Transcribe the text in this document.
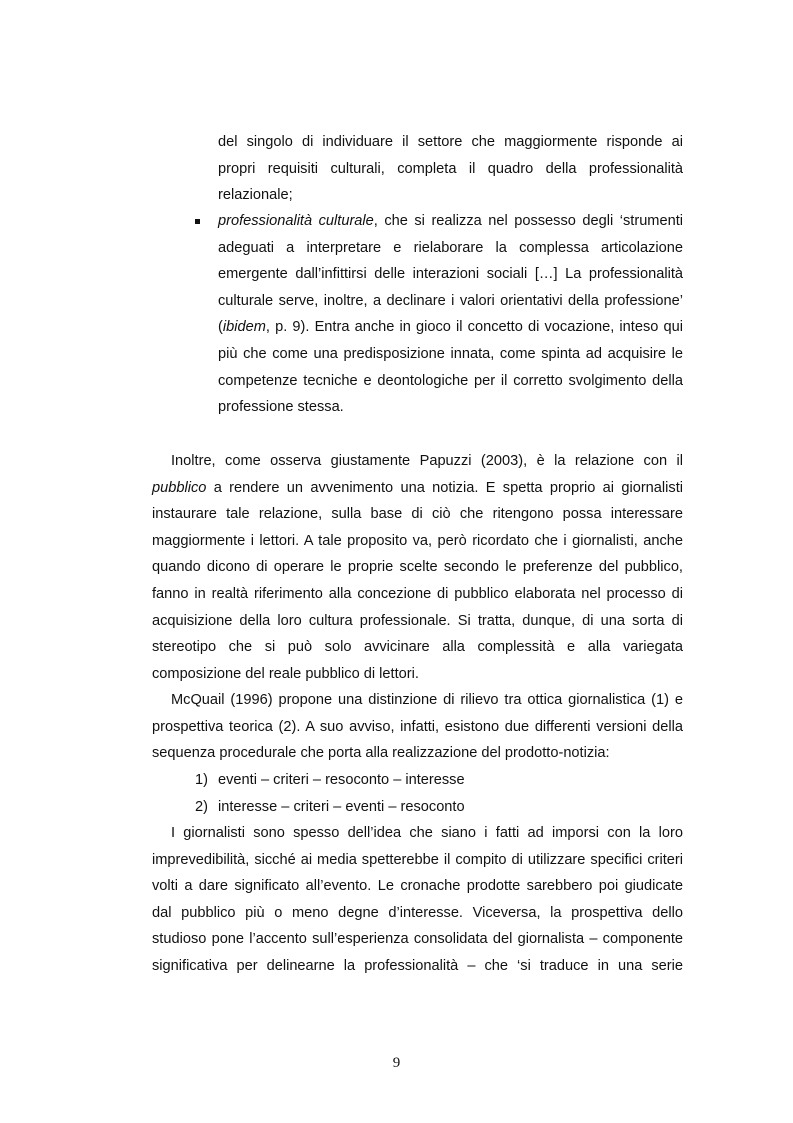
del singolo di individuare il settore che maggiormente risponde ai
propri requisiti culturali, completa il quadro della professionalità
relazionale;
professionalità culturale, che si realizza nel possesso degli ‘strumenti
adeguati a interpretare e rielaborare la complessa articolazione
emergente dall’infittirsi delle interazioni sociali […] La professionalità
culturale serve, inoltre, a declinare i valori orientativi della professione’
(ibidem, p. 9). Entra anche in gioco il concetto di vocazione, inteso qui
più che come una predisposizione innata, come spinta ad acquisire le
competenze tecniche e deontologiche per il corretto svolgimento della
professione stessa.
Inoltre, come osserva giustamente Papuzzi (2003), è la relazione con il
pubblico a rendere un avvenimento una notizia. E spetta proprio ai giornalisti
instaurare tale relazione, sulla base di ciò che ritengono possa interessare
maggiormente i lettori. A tale proposito va, però ricordato che i giornalisti, anche
quando dicono di operare le proprie scelte secondo le preferenze del pubblico,
fanno in realtà riferimento alla concezione di pubblico elaborata nel processo di
acquisizione della loro cultura professionale. Si tratta, dunque, di una sorta di
stereotipo che si può solo avvicinare alla complessità e alla variegata
composizione del reale pubblico di lettori.
McQuail (1996) propone una distinzione di rilievo tra ottica giornalistica (1) e
prospettiva teorica (2). A suo avviso, infatti, esistono due differenti versioni della
sequenza procedurale che porta alla realizzazione del prodotto-notizia:
1) eventi – criteri – resoconto – interesse
2) interesse – criteri – eventi – resoconto
I giornalisti sono spesso dell’idea che siano i fatti ad imporsi con la loro
imprevedibilità, sicché ai media spetterebbe il compito di utilizzare specifici criteri
volti a dare significato all’evento. Le cronache prodotte sarebbero poi giudicate
dal pubblico più o meno degne d’interesse. Viceversa, la prospettiva dello
studioso pone l’accento sull’esperienza consolidata del giornalista – componente
significativa per delinearne la professionalità – che ‘si traduce in una serie
9
